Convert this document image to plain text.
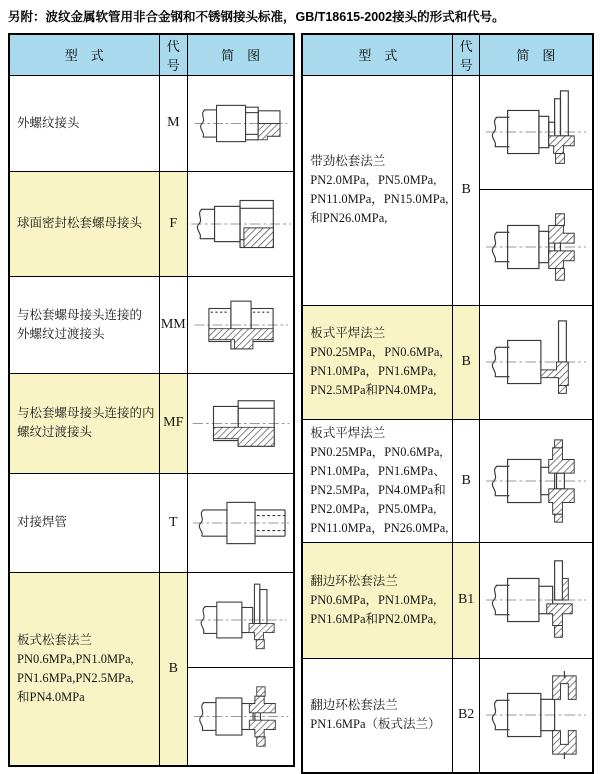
另附：波纹金属软管用非合金钢和不锈钢接头标准，GB/T18615-2002接头的形式和代号。
型　式	代号	简　图

外螺纹接头	M	

球面密封松套螺母接头	F	

与松套螺母接头连接的
外螺纹过渡接头	MM	

与松套螺母接头连接的内
螺纹过渡接头	MF	

对接焊管	T	

板式松套法兰
PN0.6MPa,PN1.0MPa,
PN1.6MPa,PN2.5MPa,
和PN4.0MPa	B	

型　式	代号	简　图

带劲松套法兰
PN2.0MPa，PN5.0MPa,
PN11.0MPa，PN15.0MPa,
和PN26.0MPa,	B	

板式平焊法兰
PN0.25MPa，PN0.6MPa,
PN1.0MPa，PN1.6MPa,
PN2.5MPa和PN4.0MPa,	B	

板式平焊法兰
PN0.25MPa，PN0.6MPa,
PN1.0MPa，PN1.6MPa、
PN2.5MPa，PN4.0MPa和
PN2.0MPa，PN5.0MPa,
PN11.0MPa，PN26.0MPa,
	B	

翻边环松套法兰
PN0.6MPa，PN1.0MPa,
PN1.6MPa和PN2.0MPa,	B1	

翻边环松套法兰
PN1.6MPa（板式法兰）	B2	
